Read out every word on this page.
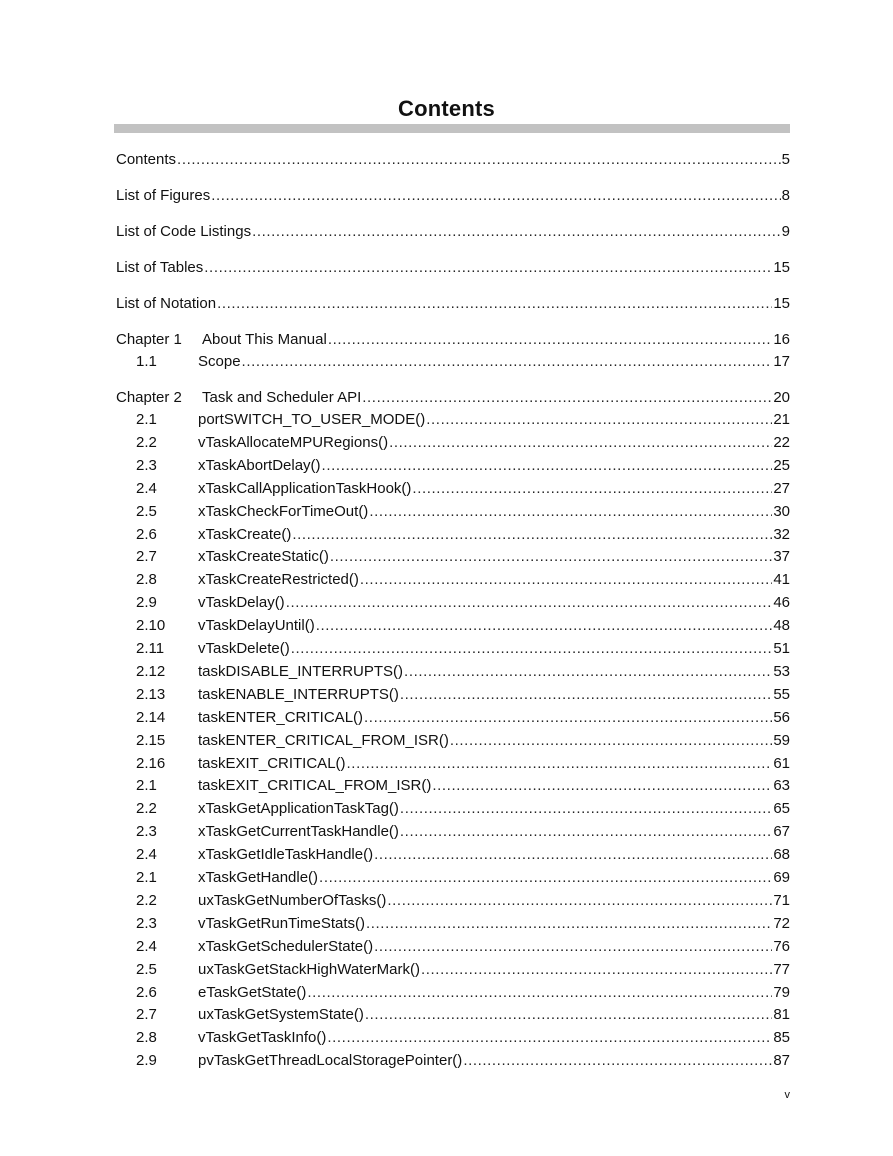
Contents
Contents .....	5
List of Figures .....	8
List of Code Listings .....	9
List of Tables .....	15
List of Notation .....	15
Chapter 1	About This Manual .....	16
1.1	Scope .....	17
Chapter 2	Task and Scheduler API .....	20
2.1	portSWITCH_TO_USER_MODE() .....	21
2.2	vTaskAllocateMPURegions() .....	22
2.3	xTaskAbortDelay() .....	25
2.4	xTaskCallApplicationTaskHook() .....	27
2.5	xTaskCheckForTimeOut() .....	30
2.6	xTaskCreate() .....	32
2.7	xTaskCreateStatic() .....	37
2.8	xTaskCreateRestricted() .....	41
2.9	vTaskDelay() .....	46
2.10	vTaskDelayUntil() .....	48
2.11	vTaskDelete() .....	51
2.12	taskDISABLE_INTERRUPTS() .....	53
2.13	taskENABLE_INTERRUPTS() .....	55
2.14	taskENTER_CRITICAL() .....	56
2.15	taskENTER_CRITICAL_FROM_ISR() .....	59
2.16	taskEXIT_CRITICAL() .....	61
2.1	taskEXIT_CRITICAL_FROM_ISR() .....	63
2.2	xTaskGetApplicationTaskTag() .....	65
2.3	xTaskGetCurrentTaskHandle() .....	67
2.4	xTaskGetIdleTaskHandle() .....	68
2.1	xTaskGetHandle() .....	69
2.2	uxTaskGetNumberOfTasks() .....	71
2.3	vTaskGetRunTimeStats() .....	72
2.4	xTaskGetSchedulerState() .....	76
2.5	uxTaskGetStackHighWaterMark() .....	77
2.6	eTaskGetState() .....	79
2.7	uxTaskGetSystemState() .....	81
2.8	vTaskGetTaskInfo() .....	85
2.9	pvTaskGetThreadLocalStoragePointer() .....	87
v
